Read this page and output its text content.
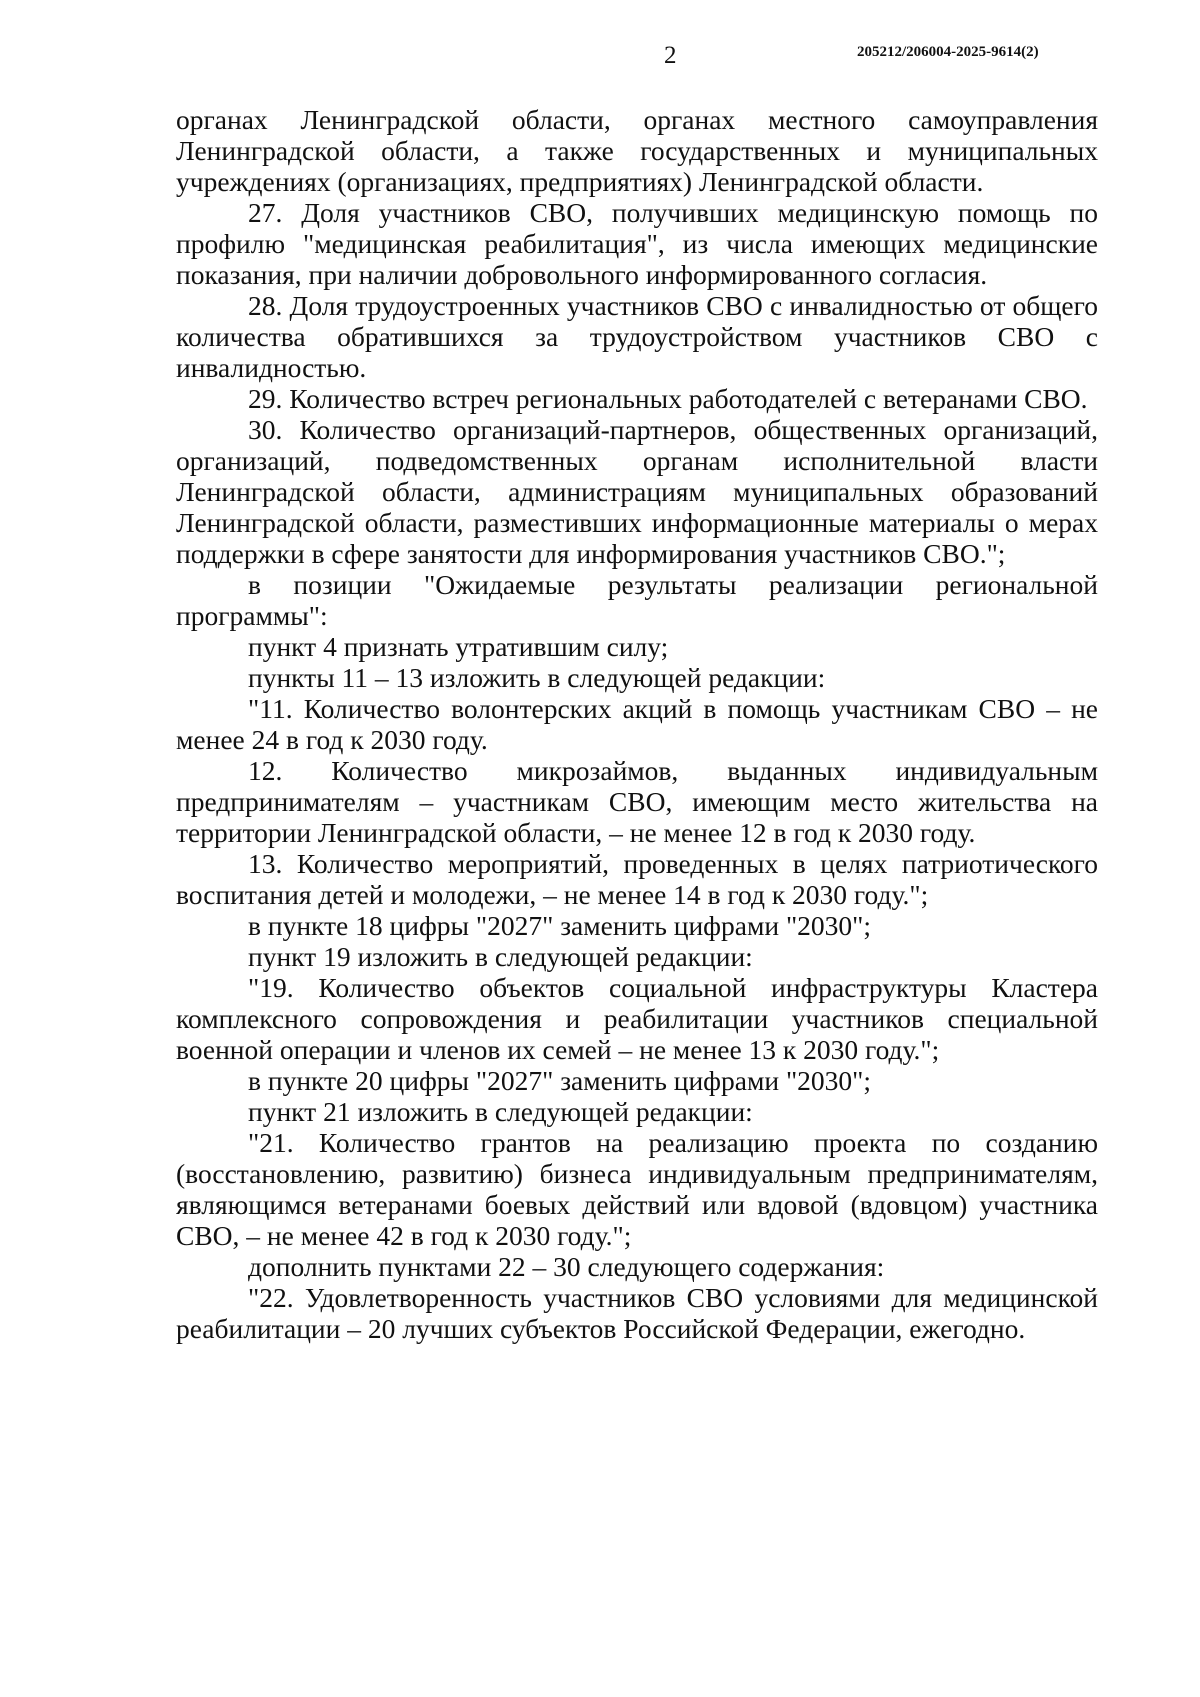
2	205212/206004-2025-9614(2)

органах Ленинградской области, органах местного самоуправления Ленинградской области, а также государственных и муниципальных учреждениях (организациях, предприятиях) Ленинградской области.

27. Доля участников СВО, получивших медицинскую помощь по профилю "медицинская реабилитация", из числа имеющих медицинские показания, при наличии добровольного информированного согласия.

28. Доля трудоустроенных участников СВО с инвалидностью от общего количества обратившихся за трудоустройством участников СВО с инвалидностью.

29. Количество встреч региональных работодателей с ветеранами СВО.

30. Количество организаций-партнеров, общественных организаций, организаций, подведомственных органам исполнительной власти Ленинградской области, администрациям муниципальных образований Ленинградской области, разместивших информационные материалы о мерах поддержки в сфере занятости для информирования участников СВО.";

в позиции "Ожидаемые результаты реализации региональной программы":

пункт 4 признать утратившим силу;

пункты 11 – 13 изложить в следующей редакции:

"11. Количество волонтерских акций в помощь участникам СВО – не менее 24 в год к 2030 году.

12. Количество микрозаймов, выданных индивидуальным предпринимателям – участникам СВО, имеющим место жительства на территории Ленинградской области, – не менее 12 в год к 2030 году.

13. Количество мероприятий, проведенных в целях патриотического воспитания детей и молодежи, – не менее 14 в год к 2030 году.";

в пункте 18 цифры "2027" заменить цифрами "2030";

пункт 19 изложить в следующей редакции:

"19. Количество объектов социальной инфраструктуры Кластера комплексного сопровождения и реабилитации участников специальной военной операции и членов их семей – не менее 13 к 2030 году.";

в пункте 20 цифры "2027" заменить цифрами "2030";

пункт 21 изложить в следующей редакции:

"21. Количество грантов на реализацию проекта по созданию (восстановлению, развитию) бизнеса индивидуальным предпринимателям, являющимся ветеранами боевых действий или вдовой (вдовцом) участника СВО, – не менее 42 в год к 2030 году.";

дополнить пунктами 22 – 30 следующего содержания:

"22. Удовлетворенность участников СВО условиями для медицинской реабилитации – 20 лучших субъектов Российской Федерации, ежегодно.
